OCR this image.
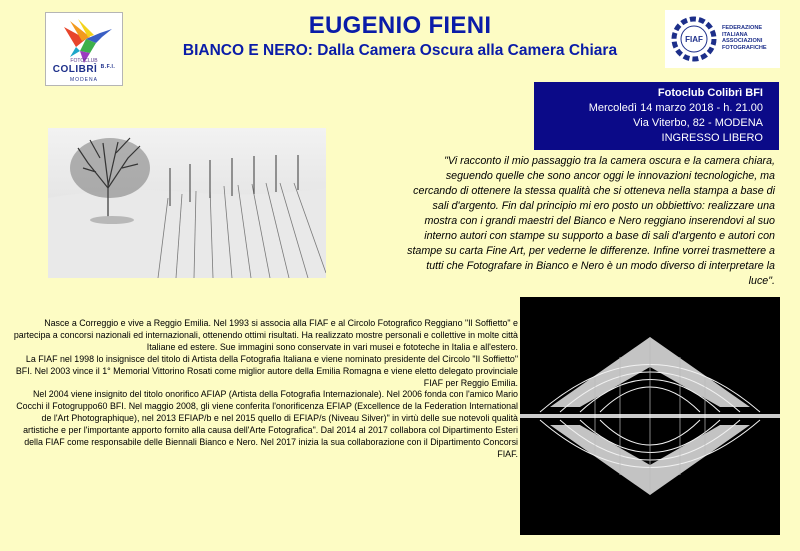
FOTOCLUB
COLIBRÌ $^{B.F.I.}$
MODENA
FIAF
FEDERAZIONE
ITALIANA
ASSOCIAZIONI
FOTOGRAFICHE
EUGENIO FIENI
BIANCO E NERO: Dalla Camera Oscura alla Camera Chiara
Fotoclub Colibrì BFI
Mercoledì 14 marzo 2018 - h. 21.00
Via Viterbo, 82 - MODENA
INGRESSO LIBERO

"Vi racconto il mio passaggio tra la camera oscura e la camera chiara, seguendo quelle che sono ancor oggi le innovazioni tecnologiche, ma cercando di ottenere la stessa qualità che si otteneva nella stampa a base di sali d'argento. Fin dal principio mi ero posto un obbiettivo: realizzare una mostra con i grandi maestri del Bianco e Nero reggiano inserendovi al suo interno autori con stampe su supporto a base di sali d'argento e autori con stampe su carta Fine Art, per vederne le differenze. Infine vorrei trasmettere a tutti che Fotografare in Bianco e Nero è un modo diverso di interpretare la luce".

Nasce a Correggio e vive a Reggio Emilia. Nel 1993 si associa alla FIAF e al Circolo Fotografico Reggiano "Il Soffietto" e partecipa a concorsi nazionali ed internazionali, ottenendo ottimi risultati. Ha realizzato mostre personali e collettive in molte città Italiane ed estere. Sue immagini sono conservate in vari musei e fototeche in Italia e all'estero.

La FIAF nel 1998 lo insignisce del titolo di Artista della Fotografia Italiana e viene nominato presidente del Circolo "Il Soffietto" BFI. Nel 2003 vince il 1° Memorial Vittorino Rosati come miglior autore della Emilia Romagna e viene eletto delegato provinciale FIAF per Reggio Emilia.

Nel 2004 viene insignito del titolo onorifico AFIAP (Artista della Fotografia Internazionale). Nel 2006 fonda con l'amico Mario Cocchi il Fotogruppo60 BFI. Nel maggio 2008, gli viene conferita l'onorificenza EFIAP (Excellence de la Federation International de l'Art Photographique), nel 2013 EFIAP/b e nel 2015 quello di EFIAP/s (Niveau Silver)" in virtù delle sue notevoli qualità artistiche e per l'importante apporto fornito alla causa dell'Arte Fotografica". Dal 2014 al 2017 collabora col Dipartimento Esteri della FIAF come responsabile delle Biennali Bianco e Nero. Nel 2017 inizia la sua collaborazione con il Dipartimento Concorsi FIAF.
